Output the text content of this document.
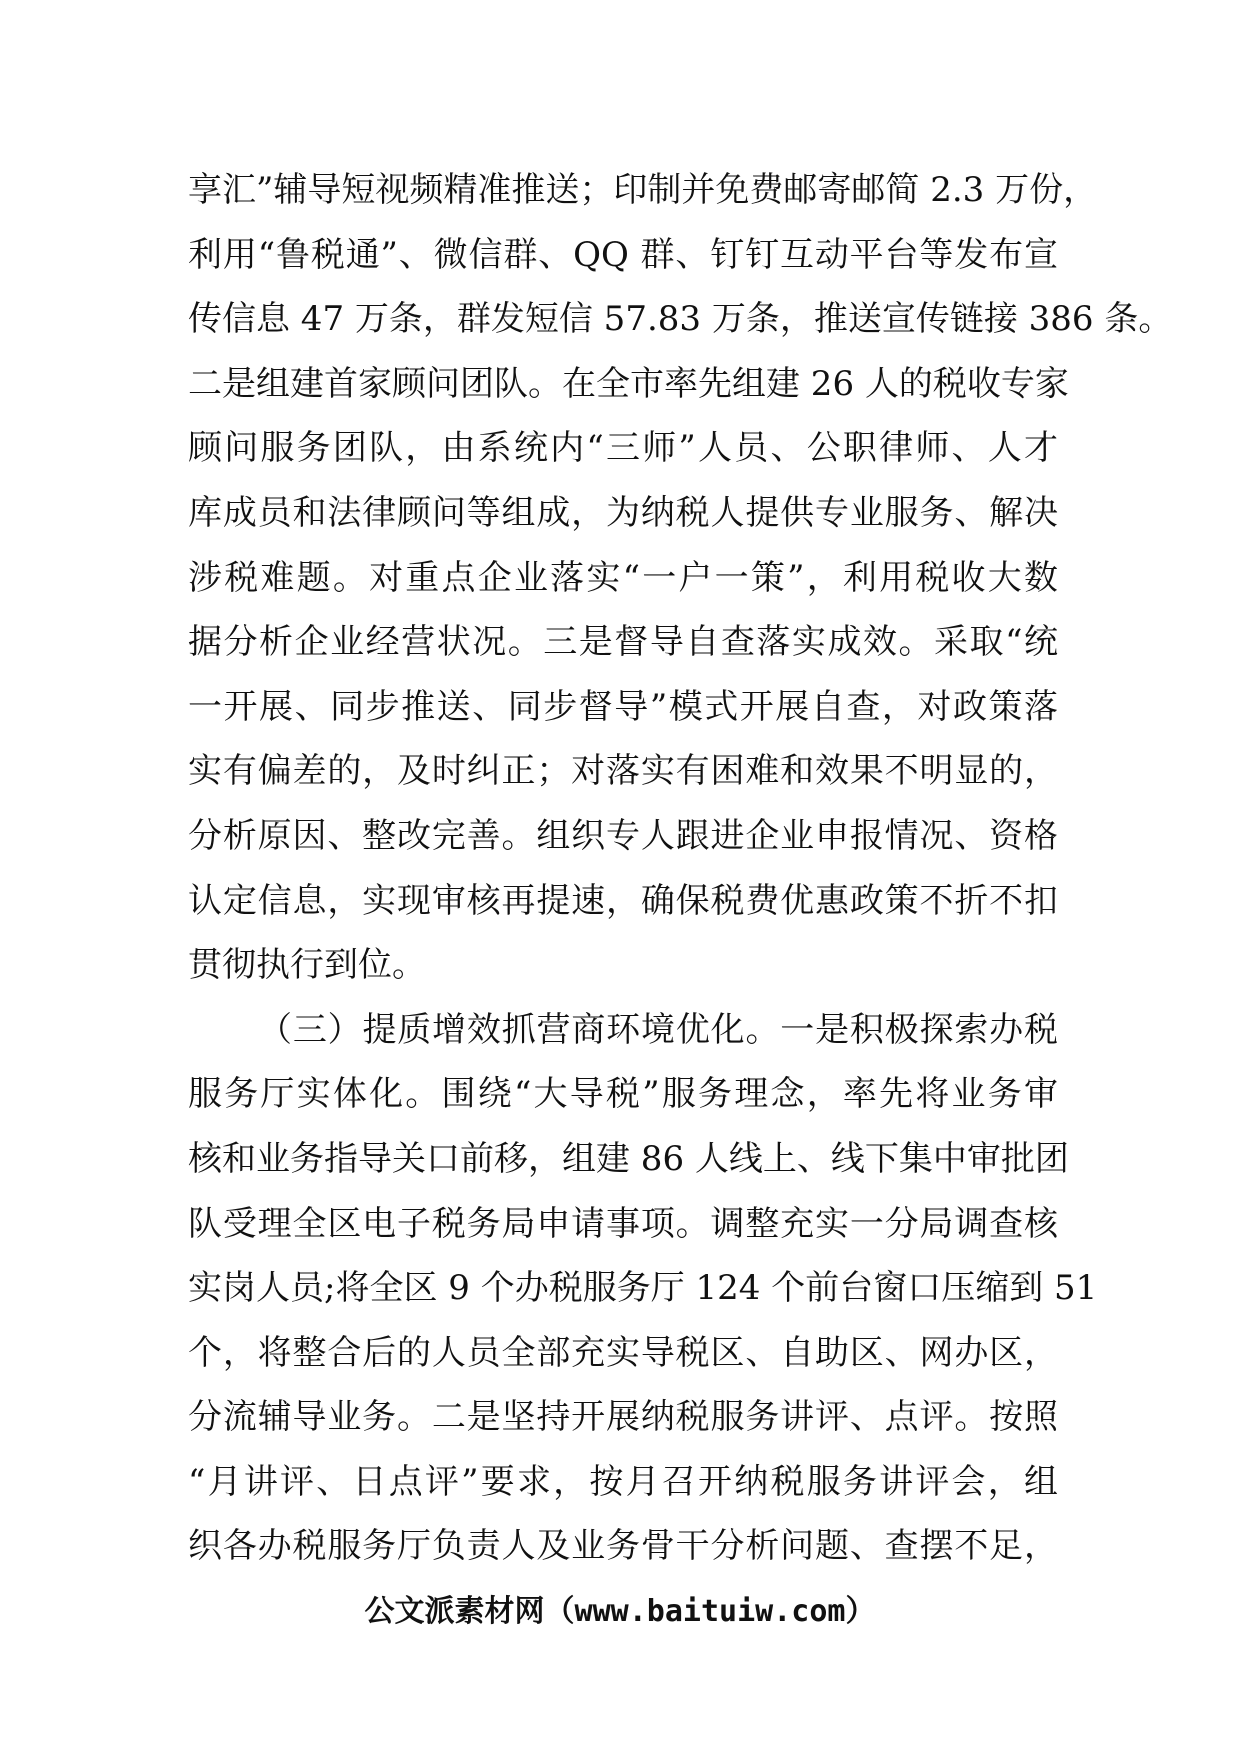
享汇”辅导短视频精准推送；印制并免费邮寄邮简 2.3 万份，
利用“鲁税通”、微信群、QQ 群、钉钉互动平台等发布宣
传信息 47 万条，群发短信 57.83 万条，推送宣传链接 386 条。
二是组建首家顾问团队。在全市率先组建 26 人的税收专家
顾问服务团队，由系统内“三师”人员、公职律师、人才
库成员和法律顾问等组成，为纳税人提供专业服务、解决
涉税难题。对重点企业落实“一户一策”，利用税收大数
据分析企业经营状况。三是督导自查落实成效。采取“统
一开展、同步推送、同步督导”模式开展自查，对政策落
实有偏差的，及时纠正；对落实有困难和效果不明显的，
分析原因、整改完善。组织专人跟进企业申报情况、资格
认定信息，实现审核再提速，确保税费优惠政策不折不扣
贯彻执行到位。
（三）提质增效抓营商环境优化。一是积极探索办税
服务厅实体化。围绕“大导税”服务理念，率先将业务审
核和业务指导关口前移，组建 86 人线上、线下集中审批团
队受理全区电子税务局申请事项。调整充实一分局调查核
实岗人员;将全区 9 个办税服务厅 124 个前台窗口压缩到 51
个，将整合后的人员全部充实导税区、自助区、网办区，
分流辅导业务。二是坚持开展纳税服务讲评、点评。按照
“月讲评、日点评”要求，按月召开纳税服务讲评会，组
织各办税服务厅负责人及业务骨干分析问题、查摆不足，
公文派素材网（www.baituiw.com）
